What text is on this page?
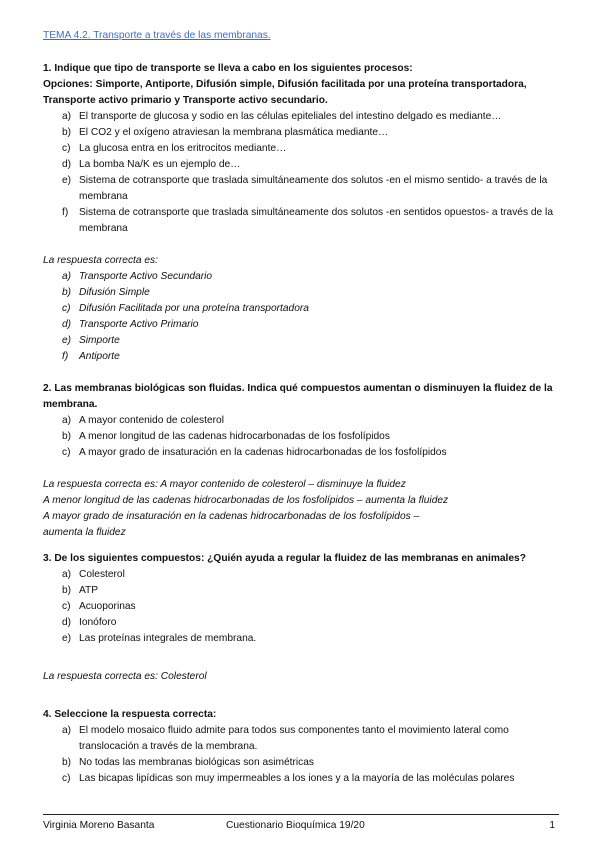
TEMA 4.2. Transporte a través de las membranas.
1. Indique que tipo de transporte se lleva a cabo en los siguientes procesos:
Opciones: Simporte, Antiporte, Difusión simple, Difusión facilitada por una proteína transportadora, Transporte activo primario y Transporte activo secundario.
a) El transporte de glucosa y sodio en las células epiteliales del intestino delgado es mediante…
b) El CO2 y el oxígeno atraviesan la membrana plasmática mediante…
c) La glucosa entra en los eritrocitos mediante…
d) La bomba Na/K es un ejemplo de…
e) Sistema de cotransporte que traslada simultáneamente dos solutos -en el mismo sentido- a través de la membrana
f) Sistema de cotransporte que traslada simultáneamente dos solutos -en sentidos opuestos- a través de la membrana
La respuesta correcta es:
a) Transporte Activo Secundario
b) Difusión Simple
c) Difusión Facilitada por una proteína transportadora
d) Transporte Activo Primario
e) Simporte
f) Antiporte
2. Las membranas biológicas son fluidas. Indica qué compuestos aumentan o disminuyen la fluidez de la membrana.
a) A mayor contenido de colesterol
b) A menor longitud de las cadenas hidrocarbonadas de los fosfolípidos
c) A mayor grado de insaturación en la cadenas hidrocarbonadas de los fosfolípidos
La respuesta correcta es: A mayor contenido de colesterol – disminuye la fluidez
A menor longitud de las cadenas hidrocarbonadas de los fosfolípidos – aumenta la fluidez
A mayor grado de insaturación en la cadenas hidrocarbonadas de los fosfolípidos –
aumenta la fluidez
3. De los siguientes compuestos: ¿Quién ayuda a regular la fluidez de las membranas en animales?
a) Colesterol
b) ATP
c) Acuoporinas
d) Ionóforo
e) Las proteínas integrales de membrana.
La respuesta correcta es: Colesterol
4. Seleccione la respuesta correcta:
a) El modelo mosaico fluido admite para todos sus componentes tanto el movimiento lateral como translocación a través de la membrana.
b) No todas las membranas biológicas son asimétricas
c) Las bicapas lipídicas son muy impermeables a los iones y a la mayoría de las moléculas polares
Virginia Moreno Basanta	Cuestionario Bioquímica 19/20	1
